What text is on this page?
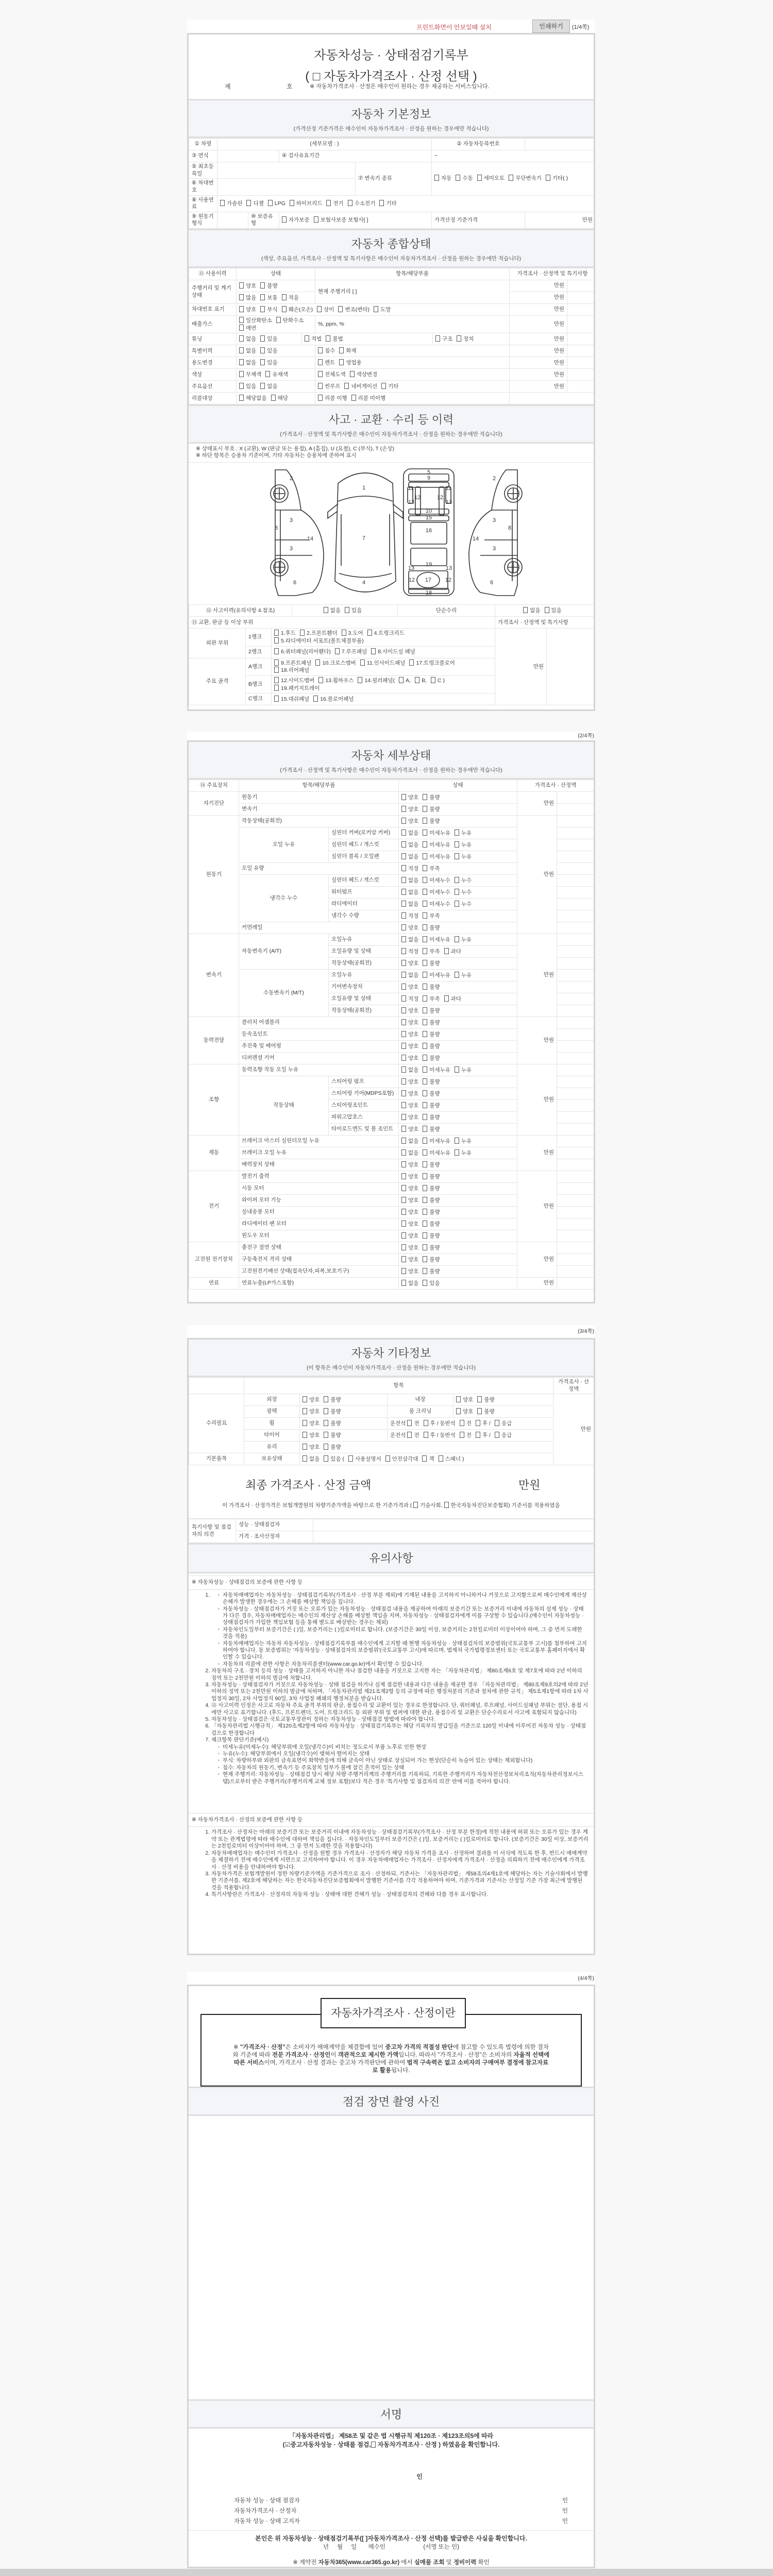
프린트화면이 안보일때 설치	인쇄하기	(1/4쪽)
자동차성능 · 상태점검기록부
( □ 자동차가격조사 · 산정 선택 )
제	호	※ 자동차가격조사 · 산정은 매수인이 원하는 경우 제공하는 서비스입니다.
자동차 기본정보
(가격산정 기준가격은 매수인이 자동차가격조사 · 산정을 원하는 경우에만 적습니다)
① 차명	(세부모델 : )				② 자동차등록번호	
③ 연식			④ 검사유효기간		~	
⑤ 최초등록일				⑦ 변속기 종류	자동 수동 세미오토 무단변속기 기타( )	
⑥ 차대번호						
⑧ 사용연료	가솔린 디젤 LPG 하이브리드 전기 수소전기 기타					
⑨ 원동기형식		⑩ 보증유형	자가보증 보험사보증 보험사[ ]		가격산정 기준가격	만원
자동차 종합상태
(색상, 주요옵션, 가격조사 · 산정액 및 특기사항은 매수인이 자동차가격조사 · 산정을 원하는 경우에만 적습니다)
⑪ 사용이력	상태		항목/해당부품		가격조사 · 산정액 및 특기사항	
주행거리 및 계기상태	양호 불량		현재 주행거리 [ ]		만원	
	많음 보통 적음				만원	
차대번호 표기	양호 부식 훼손(오손) 상이 변조(변타) 도말				만원	
배출가스	일산화탄소 탄화수소매연		%, ppm, %		만원	
튜닝	없음 있음	적법 불법		구조 장치	만원	
특별이력	없음 있음		침수 화재		만원	
용도변경	없음 있음		렌트 영업용		만원	
색상	무채색 유채색		전체도색 색상변경		만원	
주요옵션	있음 없음		썬루프 네비게이션 기타		만원	
리콜대상	해당없음 해당		리콜 이행 리콜 미이행			
사고 · 교환 · 수리 등 이력
(가격조사 · 산정액 및 특기사항은 매수인이 자동차가격조사 · 산정을 원하는 경우에만 적습니다)
※ 상태표시 부호 : X (교환), W (판금 또는 용접), A (흠집), U (요철), C (부식), T (손상)
※ 하단 항목은 승용차 기준이며, 기타 자동차는 승용차에 준하여 표시
2
3
3
8
14
6
1
7
4
5
9
11
12
13
11
12
13
10
15
16
19
13	13
12 17 12
18
2
3
3
8
14
6
⑫ 사고이력(유의사항 4.참조)			없음 있음	단순수리	없음 있음	
⑬ 교환, 판금 등 이상 부위					가격조사 · 산정액 및 특기사항	
외판 부위	1랭크	1.후드 2.프론트휀더 3.도어 4.트렁크리드5.라디에이터 서포트(볼트체결부품)			만원	
	2랭크	6.쿼터패널(리어휀다) 7.루프패널 8.사이드실 패널				
주요 골격	A랭크	9.프론트패널 10.크로스멤버 11.인사이드패널 17.트렁크플로어18.리어패널				
	B랭크	12.사이드멤버 13.휠하우스 14.필러패널( A, B, C )19.패키지트레이				
	C랭크	15.대쉬패널 16.플로어패널				
(2/4쪽)
자동차 세부상태
(가격조사 · 산정액 및 특기사항은 매수인이 자동차가격조사 · 산정을 원하는 경우에만 적습니다)
⑭ 주요장치	항목/해당부품		상태	가격조사 · 산정액	
자기진단	원동기		양호 불량	만원	
	변속기		양호 불량		
원동기	작동상태(공회전)		양호 불량	만원	
	오일 누유	실린더 커버(로커암 커버)	없음 미세누유 누유		
		실린더 헤드 / 개스킷	없음 미세누유 누유		
		실린더 블록 / 오일팬	없음 미세누유 누유		
	오일 유량		적정 부족		
	냉각수 누수	실린더 헤드 / 개스킷	없음 미세누수 누수		
		워터펌프	없음 미세누수 누수		
		라디에이터	없음 미세누수 누수		
		냉각수 수량	적정 부족		
	커먼레일		양호 불량		
변속기	자동변속기 (A/T)	오일누유	없음 미세누유 누유	만원	
		오일유량 및 상태	적정 부족 과다		
		작동상태(공회전)	양호 불량		
	수동변속기 (M/T)	오일누유	없음 미세누유 누유		
		기어변속장치	양호 불량		
		오일유량 및 상태	적정 부족 과다		
		작동상태(공회전)	양호 불량		
동력전달	클러치 어셈블리		양호 불량	만원	
	등속조인트		양호 불량		
	추진축 및 베어링		양호 불량		
	디퍼렌셜 기어		양호 불량		
조향	동력조향 작동 오일 누유		없음 미세누유 누유	만원	
	작동상태	스티어링 펌프	양호 불량		
		스티어링 기어(MDPS포함)	양호 불량		
		스티어링조인트	양호 불량		
		파워고압호스	양호 불량		
		타이로드엔드 및 볼 조인트	양호 불량		
제동	브레이크 마스터 실린더오일 누유		없음 미세누유 누유	만원	
	브레이크 오일 누유		없음 미세누유 누유		
	배력장치 상태		양호 불량		
전기	발전기 출력		양호 불량	만원	
	시동 모터		양호 불량		
	와이퍼 모터 기능		양호 불량		
	실내송풍 모터		양호 불량		
	라디에이터 팬 모터		양호 불량		
	윈도우 모터		양호 불량		
고전원 전기장치	충전구 절연 상태		양호 불량	만원	
	구동축전지 격리 상태		양호 불량		
	고전원전기배선 상태(접속단자,피복,보호기구)		양호 불량		
연료	연료누출(LP가스포함)		없음 있음	만원	
(3/4쪽)
자동차 기타정보
(이 항목은 매수인이 자동차가격조사 · 산정을 원하는 경우에만 적습니다)
	항목				가격조사 · 산정액
수리필요	외장	양호 불량	내장	양호 불량	만원
	광택	양호 불량	룸 크리닝	양호 불량	
	휠	양호 불량	운전석 전 후 / 동반석 전 후 / 응급		
	타이어	양호 불량	운전석 전 후 / 동반석 전 후 / 응급		
	유리	양호 불량			
기본품목	보유상태	없음 있음 ( 사용설명서 안전삼각대 잭 스패너 )			
최종 가격조사 · 산정 금액	만원
이 가격조사 · 산정가격은 보험개발원의 차량기준가액을 바탕으로 한 기준가격과 ( 기술사회, 한국자동차진단보증협회) 기준서를 적용하였음
특기사항 및 점검자의 의견	성능 · 상태점검자	
	가격 · 조사산정자	
유의사항
※ 자동차성능 · 상태점검의 보증에 관한 사항 등
◦ 1. 자동차매매업자는 자동차성능 · 상태점검기록부(가격조사 · 산정 부분 제외)에 기재된 내용을 고지하지 아니하거나 거짓으로 고지함으로써 매수인에게 재산상 손해가 발생한 경우에는 그 손해를 배상할 책임을 집니다.
◦ 자동차성능 · 상태점검자가 거짓 또는 오류가 있는 자동차성능 · 상태점검 내용을 제공하여 아래의 보증기간 또는 보증거리 이내에 자동차의 실제 성능 · 상태가 다른 경우, 자동차매매업자는 매수인의 재산상 손해를 배상할 책임을 지며, 자동차성능 · 상태점검자에게 이를 구상할 수 있습니다.(매수인이 자동차성능 · 상태점검자가 가입한 책임보험 등을 통해 별도로 배상받는 경우는 제외)
◦ 자동차인도일부터 보증기간은 ( )일, 보증거리는 ( )킬로미터로 합니다. (보증기간은 30일 이상, 보증거리는 2천킬로미터 이상이어야 하며, 그 중 먼저 도래한 것을 적용)
◦ 자동차매매업자는 자동차 자동차성능 · 상태점검기록부를 매수인에게 고지할 때 현행 자동차성능 · 상태점검자의 보증범위(국토교통부 고시)를 첨부하여 고지하여야 합니다. 동 보증범위는 '자동차성능 · 상태점검자의 보증범위'(국토교통부 고시)에 따르며, 법제처 국가법령정보센터 또는 국토교통부 홈페이지에서 확인할 수 있습니다.
◦ 자동차의 리콜에 관한 사항은 자동차리콜센터(www.car.go.kr)에서 확인할 수 있습니다.
2. 자동차의 구조 · 장치 등의 성능 · 상태를 고지하지 아니한 자나 점검한 내용을 거짓으로 고지한 자는 「자동차관리법」 제80조제6호 및 제7호에 따라 2년 이하의 징역 또는 2천만원 이하의 벌금에 처합니다.
3. 자동차성능 · 상태점검자가 거짓으로 자동차성능 · 상태 점검을 하거나 실제 점검한 내용과 다른 내용을 제공한 경우 「자동차관리법」 제80조제9호의2에 따라 2년 이하의 징역 또는 2천만원 이하의 벌금에 처하며, 「자동차관리법 제21조제2항 등의 규정에 따른 행정처분의 기준과 절차에 관한 규칙」 제5조제1항에 따라 1차 사업정지 30일, 2차 사업정지 90일, 3차 사업장 폐쇄의 행정처분을 받습니다.
4. ⑫ 사고이력 인정은 사고로 자동차 주요 골격 부위의 판금, 용접수리 및 교환이 있는 경우로 한정합니다. 단, 쿼터패널, 루프패널, 사이드실패널 부위는 절단, 용접 시에만 사고로 표기합니다. (후드, 프론트펜더, 도어, 트렁크리드 등 외판 부위 및 범퍼에 대한 판금, 용접수리 및 교환은 단순수리로서 사고에 포함되지 않습니다)
5. 자동차성능 · 상태점검은 국토교통부장관이 정하는 자동차성능 · 상태점검 방법에 따라야 합니다.
6. 「자동차관리법 시행규칙」 제120조제2항에 따라 자동차성능 · 상태점검기록부는 해당 기록부의 발급일을 기준으로 120일 이내에 이루어진 자동차 성능 · 상태점검으로 한정합니다
7. 체크항목 판단기준(예시)
◦ 미세누유(미세누수): 해당부위에 오일(냉각수)이 비치는 정도로서 부품 노후로 인한 현상
◦ 누유(누수): 해당부위에서 오일(냉각수)이 맺혀서 떨어지는 상태
◦ 부식: 차량하부와 외판의 금속표면이 화학반응에 의해 금속이 아닌 상태로 상실되어 가는 현상(단순히 녹슬어 있는 상태는 제외합니다)
◦ 침수: 자동차의 원동기, 변속기 등 주요장치 일부가 물에 잠긴 흔적이 있는 상태
◦ 현재 주행거리: 자동차성능 · 상태점검 당시 해당 차량 주행거리계의 주행거리를 기록하되, 기록한 주행거리가 자동차전산정보처리조직(자동차관리정보시스템)으로부터 받은 주행거리(주행거리계 교체 정보 포함)보다 적은 경우 '특기사항 및 점검자의 의견' 란에 이를 적어야 합니다.
※ 자동차가격조사 · 산정의 보증에 관한 사항 등
1. 가격조사 · 산정자는 아래의 보증기간 또는 보증거리 이내에 자동차성능 · 상태점검기록부(가격조사 · 산정 부분 한정)에 적힌 내용에 허위 또는 오류가 있는 경우 계약 또는 관계법령에 따라 매수인에 대하여 책임을 집니다. · 자동차인도일부터 보증기간은 ( )일, 보증거리는 ( )킬로미터로 합니다. (보증기간은 30일 이상, 보증거리는 2천킬로미터 이상이어야 하며, 그 중 먼저 도래한 것을 적용합니다)
2. 자동차매매업자는 매수인이 가격조사 · 산정을 원할 경우 가격조사 · 산정자가 해당 자동차 가격을 조사 · 산정하여 결과를 이 서식에 적도록 한 후, 반드시 매매계약을 체결하기 전에 매수인에게 서면으로 고지하여야 합니다. 이 경우 자동차매매업자는 가격조사 · 산정자에게 가격조사 · 산정을 의뢰하기 전에 매수인에게 가격조사 · 산정 비용을 안내하여야 합니다.
3. 자동차가격은 보험개발원이 정한 차량기준가액을 기준가격으로 조사 · 산정하되, 기준서는 「자동차관리법」 제58조의4제1호에 해당하는 자는 기술사회에서 발행한 기준서를, 제2호에 해당하는 자는 한국자동차진단보증협회에서 발행한 기준서를 각각 적용하여야 하며, 기준가격과 기준서는 산정일 기준 가장 최근에 발행된 것을 적용합니다.
4. 특기사항란은 가격조사 · 산정자의 자동차 성능 · 상태에 대한 견해가 성능 · 상태점검자의 견해와 다를 경우 표시합니다.
(4/4쪽)
자동차가격조사 · 산정이란
※ "가격조사 · 산정"은 소비자가 매매계약을 체결함에 있어 중고차 가격의 적절성 판단에 참고할 수 있도록 법령에 의한 절차와 기준에 따라 전문 가격조사 · 산정인이 객관적으로 제시한 가액입니다. 따라서 "가격조사 · 산정"은 소비자의 자율적 선택에 따른 서비스이며, 가격조사 · 산정 결과는 중고차 가격판단에 관하여 법적 구속력은 없고 소비자의 구매여부 결정에 참고자료로 활용됩니다.
점검 장면 촬영 사진
서명
「자동차관리법」 제58조 및 같은 법 시행규칙 제120조 · 제123조의5에 따라
(☑중고자동차성능 · 상태를 점검, 자동차가격조사 · 산정 ) 하였음을 확인합니다.
인
자동차 성능 · 상태 점검자	인
자동차가격조사 · 산정자	인
자동차 성능 · 상태 고지자	인
본인은 위 자동차성능 · 상태점검기록부([ ]자동차가격조사 · 산정 선택)를 발급받은 사실을 확인합니다.
년     월     일       매수인                       (서명 또는 인)
※ 계약전 자동차365(www.car365.go.kr) 에서 실매물 조회 및 정비이력 확인
